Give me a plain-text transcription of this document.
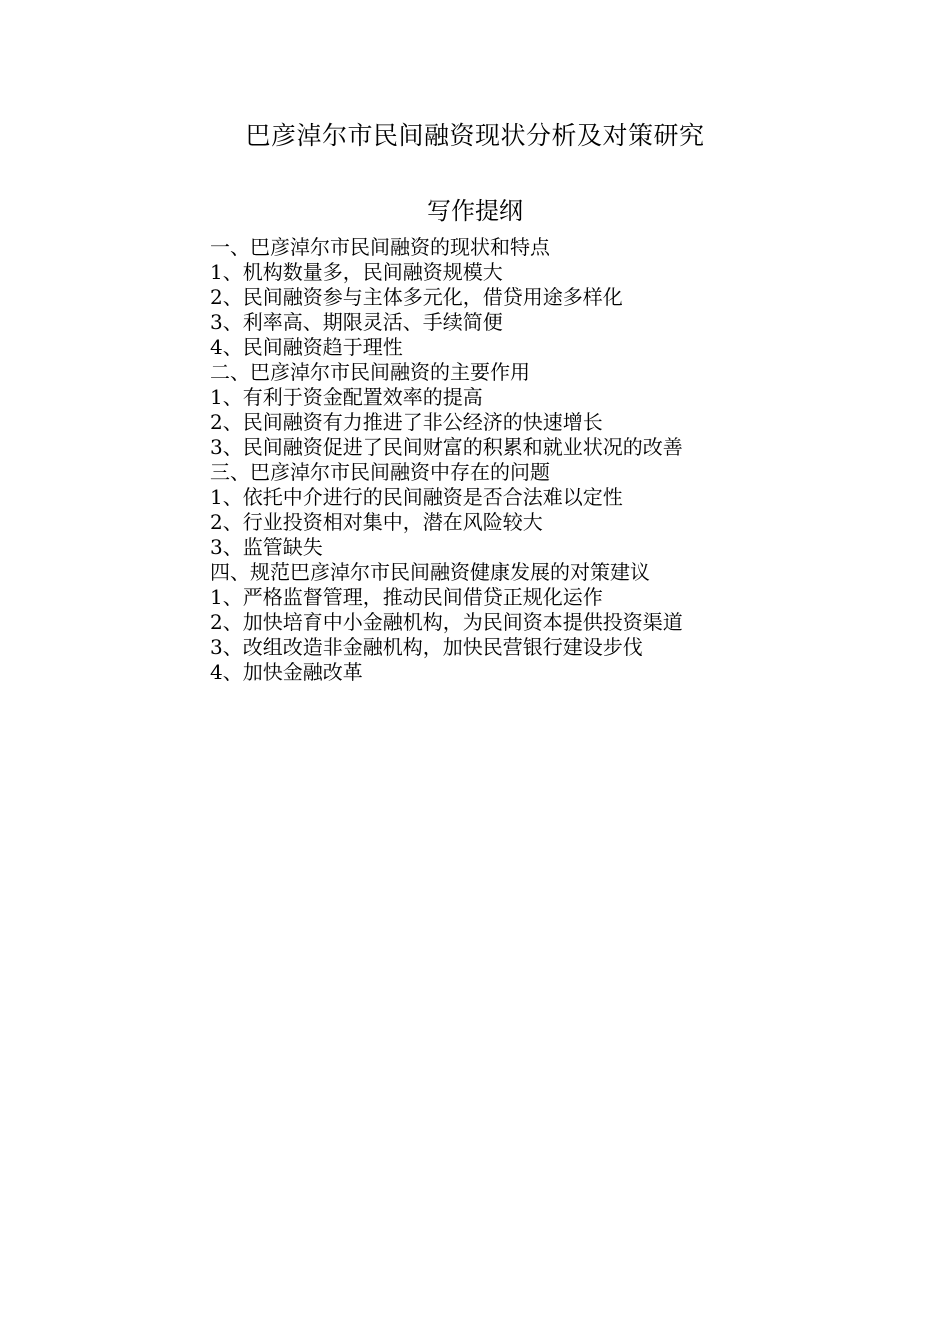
巴彦淖尔市民间融资现状分析及对策研究
写作提纲
一、巴彦淖尔市民间融资的现状和特点
1、机构数量多，民间融资规模大
2、民间融资参与主体多元化，借贷用途多样化
3、利率高、期限灵活、手续简便
4、民间融资趋于理性
二、巴彦淖尔市民间融资的主要作用
1、有利于资金配置效率的提高
2、民间融资有力推进了非公经济的快速增长
3、民间融资促进了民间财富的积累和就业状况的改善
三、巴彦淖尔市民间融资中存在的问题
1、依托中介进行的民间融资是否合法难以定性
2、行业投资相对集中，潜在风险较大
3、监管缺失
四、规范巴彦淖尔市民间融资健康发展的对策建议
1、严格监督管理，推动民间借贷正规化运作
2、加快培育中小金融机构，为民间资本提供投资渠道
3、改组改造非金融机构，加快民营银行建设步伐
4、加快金融改革
